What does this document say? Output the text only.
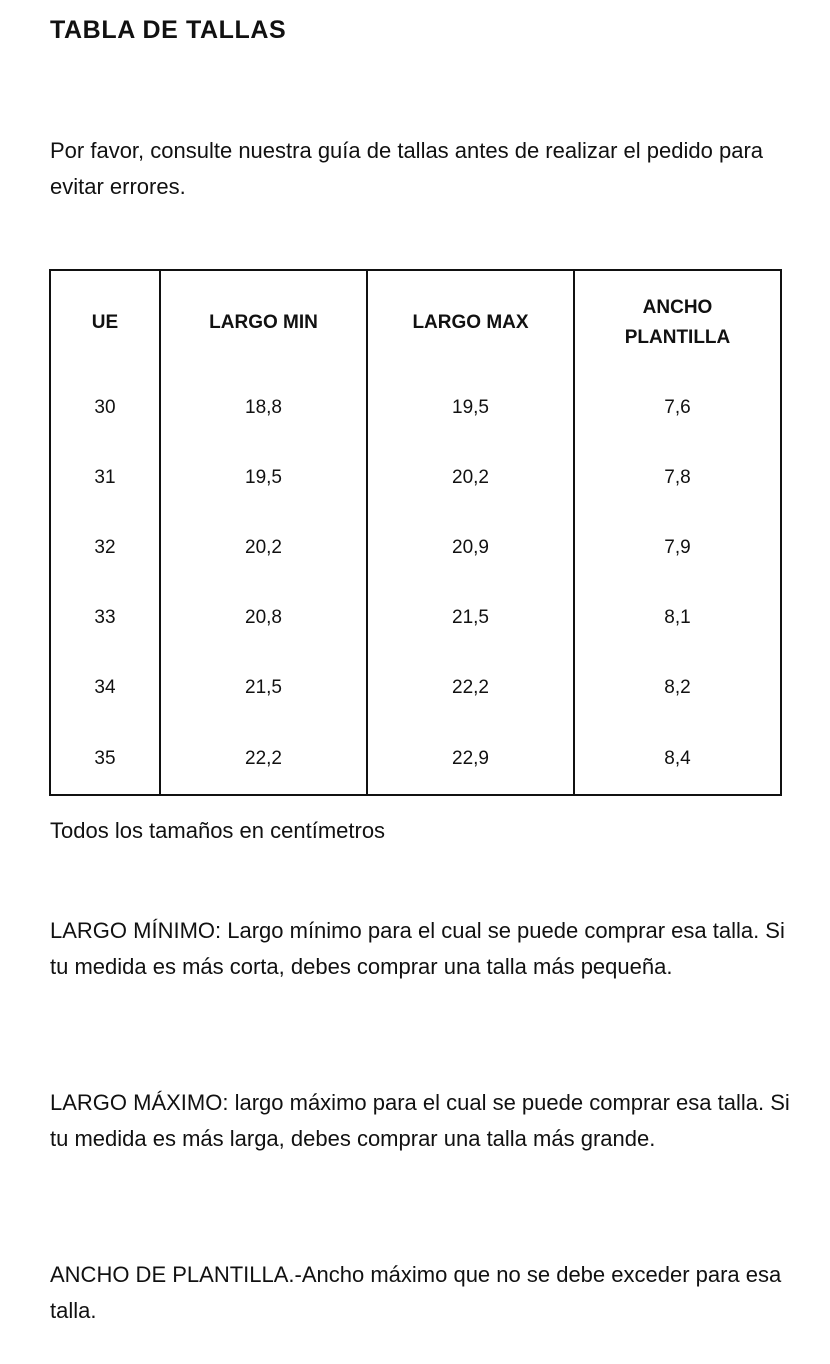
TABLA DE TALLAS

Por favor, consulte nuestra guía de tallas antes de realizar el pedido para evitar errores.

UE	LARGO MIN	LARGO MAX	ANCHO PLANTILLA
30	18,8	19,5	7,6
31	19,5	20,2	7,8
32	20,2	20,9	7,9
33	20,8	21,5	8,1
34	21,5	22,2	8,2
35	22,2	22,9	8,4

Todos los tamaños en centímetros

LARGO MÍNIMO: Largo mínimo para el cual se puede comprar esa talla. Si tu medida es más corta, debes comprar una talla más pequeña.

LARGO MÁXIMO: largo máximo para el cual se puede comprar esa talla. Si tu medida es más larga, debes comprar una talla más grande.

ANCHO DE PLANTILLA.-Ancho máximo que no se debe exceder para esa talla.
